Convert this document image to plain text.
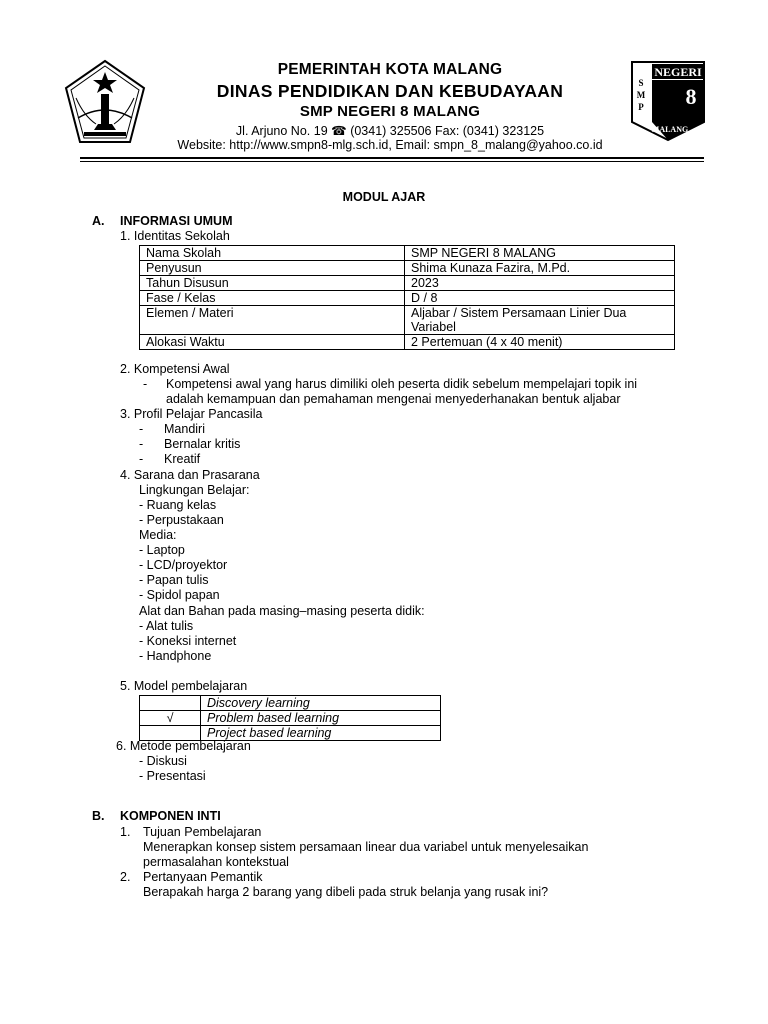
PEMERINTAH KOTA MALANG
DINAS PENDIDIKAN DAN KEBUDAYAAN
SMP NEGERI 8 MALANG
Jl. Arjuno No. 19 ☎ (0341) 325506 Fax: (0341) 323125
Website: http://www.smpn8-mlg.sch.id, Email: smpn_8_malang@yahoo.co.id
NEGERI
8
S
M
P
MALANG
MODUL AJAR
A. INFORMASI UMUM
1. Identitas Sekolah
Nama Skolah	SMP NEGERI 8 MALANG
Penyusun	Shima Kunaza Fazira, M.Pd.
Tahun Disusun	2023
Fase / Kelas	D / 8
Elemen / Materi	Aljabar / Sistem Persamaan Linier Dua Variabel
Alokasi Waktu	2 Pertemuan (4 x 40 menit)
2. Kompetensi Awal
- Kompetensi awal yang harus dimiliki oleh peserta didik sebelum mempelajari topik ini
adalah kemampuan dan pemahaman mengenai menyederhanakan bentuk aljabar
3. Profil Pelajar Pancasila
-      Mandiri
-      Bernalar kritis
-      Kreatif
4. Sarana dan Prasarana
Lingkungan Belajar:
- Ruang kelas
- Perpustakaan
Media:
- Laptop
- LCD/proyektor
- Papan tulis
- Spidol papan
Alat dan Bahan pada masing–masing peserta didik:
- Alat tulis
- Koneksi internet
- Handphone
5. Model pembelajaran
	Discovery learning
√	Problem based learning
	Project based learning
6. Metode pembelajaran
- Diskusi
- Presentasi
B. KOMPONEN INTI
1. Tujuan Pembelajaran
Menerapkan konsep sistem persamaan linear dua variabel untuk menyelesaikan
permasalahan kontekstual
2. Pertanyaan Pemantik
Berapakah harga 2 barang yang dibeli pada struk belanja yang rusak ini?
